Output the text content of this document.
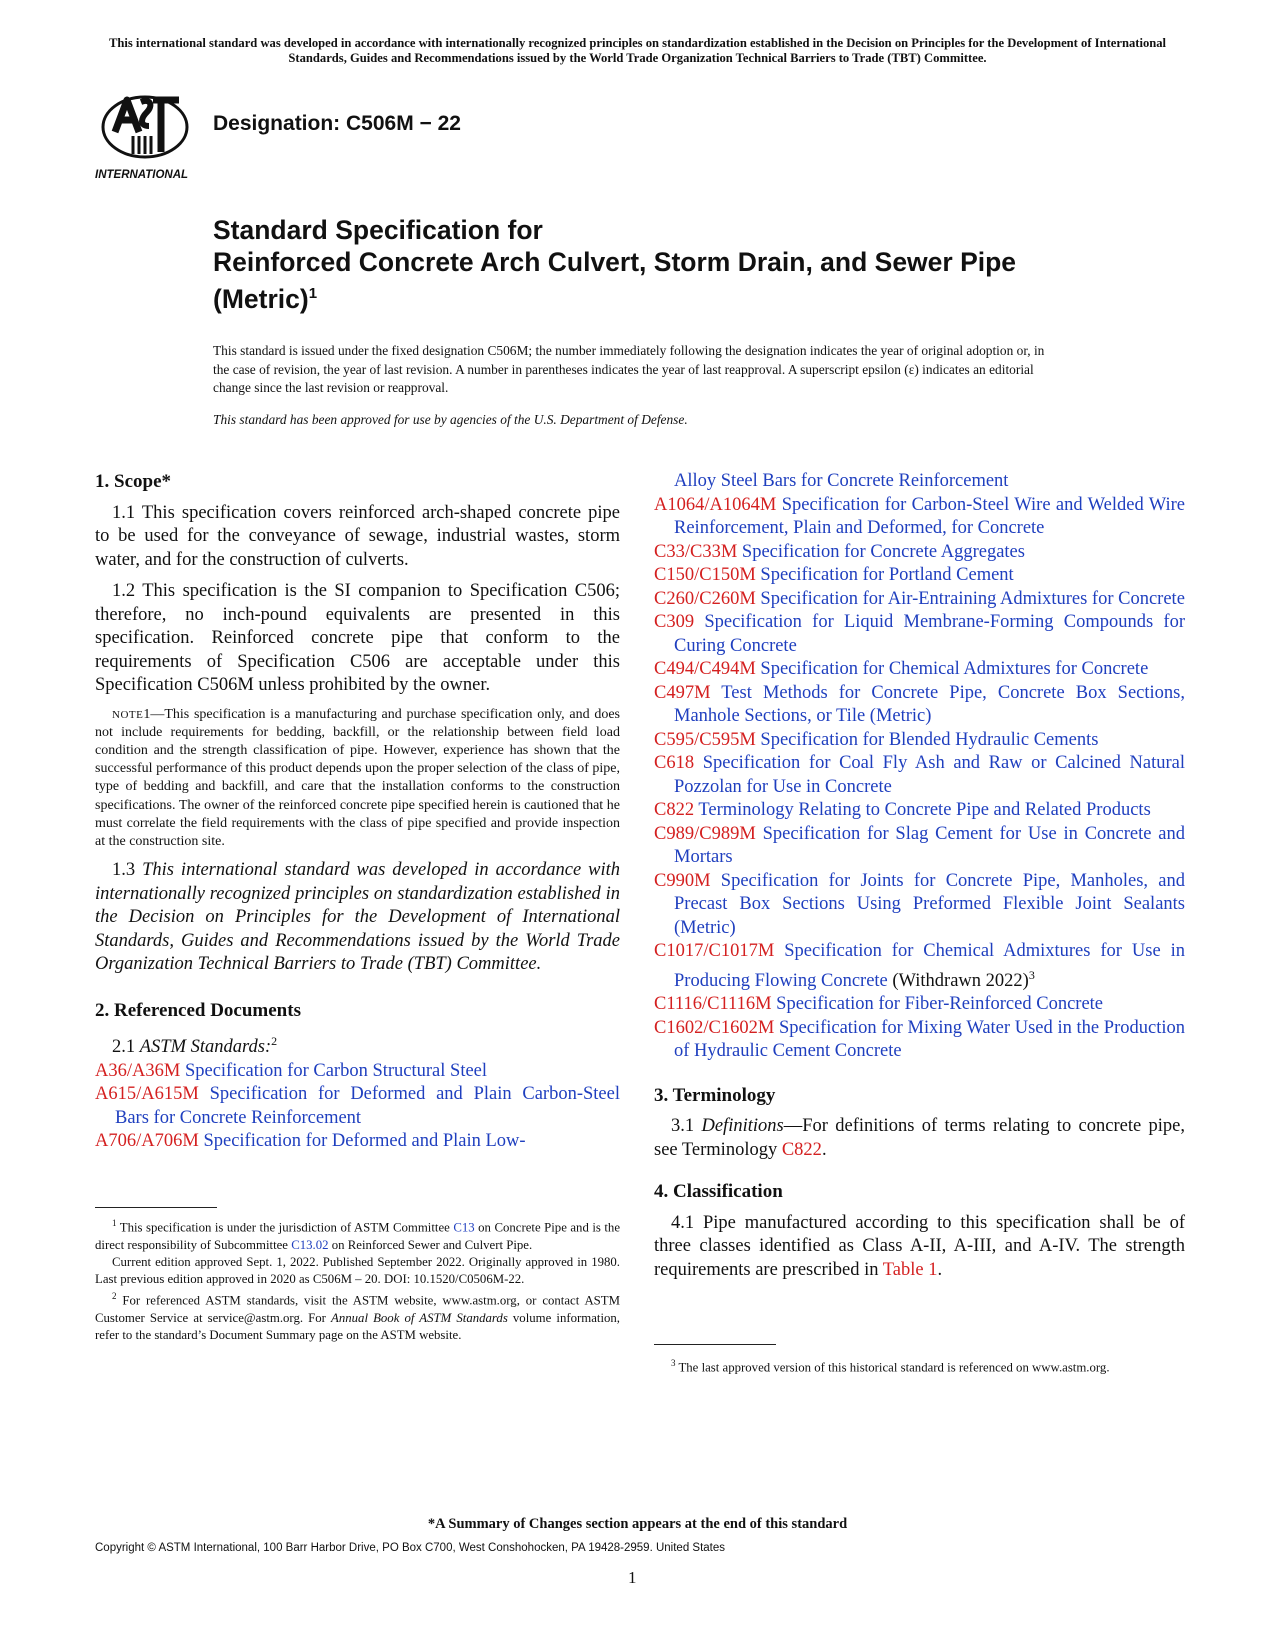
This international standard was developed in accordance with internationally recognized principles on standardization established in the Decision on Principles for the Development of International Standards, Guides and Recommendations issued by the World Trade Organization Technical Barriers to Trade (TBT) Committee.
INTERNATIONAL
Designation: C506M − 22
Standard Specification for
Reinforced Concrete Arch Culvert, Storm Drain, and Sewer Pipe (Metric)$^1$
This standard is issued under the fixed designation C506M; the number immediately following the designation indicates the year of original adoption or, in the case of revision, the year of last revision. A number in parentheses indicates the year of last reapproval. A superscript epsilon (ε) indicates an editorial change since the last revision or reapproval.
This standard has been approved for use by agencies of the U.S. Department of Defense.
1. Scope*

1.1 This specification covers reinforced arch-shaped concrete pipe to be used for the conveyance of sewage, industrial wastes, storm water, and for the construction of culverts.

1.2 This specification is the SI companion to Specification C506; therefore, no inch-pound equivalents are presented in this specification. Reinforced concrete pipe that conform to the requirements of Specification C506 are acceptable under this Specification C506M unless prohibited by the owner.

NOTE1—This specification is a manufacturing and purchase specification only, and does not include requirements for bedding, backfill, or the relationship between field load condition and the strength classification of pipe. However, experience has shown that the successful performance of this product depends upon the proper selection of the class of pipe, type of bedding and backfill, and care that the installation conforms to the construction specifications. The owner of the reinforced concrete pipe specified herein is cautioned that he must correlate the field requirements with the class of pipe specified and provide inspection at the construction site.

1.3 This international standard was developed in accordance with internationally recognized principles on standardization established in the Decision on Principles for the Development of International Standards, Guides and Recommendations issued by the World Trade Organization Technical Barriers to Trade (TBT) Committee.

2. Referenced Documents

2.1 ASTM Standards:$^2$

A36/A36M Specification for Carbon Structural Steel

A615/A615M Specification for Deformed and Plain Carbon-Steel Bars for Concrete Reinforcement

A706/A706M Specification for Deformed and Plain Low-

Alloy Steel Bars for Concrete Reinforcement

A1064/A1064M Specification for Carbon-Steel Wire and Welded Wire Reinforcement, Plain and Deformed, for Concrete

C33/C33M Specification for Concrete Aggregates

C150/C150M Specification for Portland Cement

C260/C260M Specification for Air-Entraining Admixtures for Concrete

C309 Specification for Liquid Membrane-Forming Compounds for Curing Concrete

C494/C494M Specification for Chemical Admixtures for Concrete

C497M Test Methods for Concrete Pipe, Concrete Box Sections, Manhole Sections, or Tile (Metric)

C595/C595M Specification for Blended Hydraulic Cements

C618 Specification for Coal Fly Ash and Raw or Calcined Natural Pozzolan for Use in Concrete

C822 Terminology Relating to Concrete Pipe and Related Products

C989/C989M Specification for Slag Cement for Use in Concrete and Mortars

C990M Specification for Joints for Concrete Pipe, Manholes, and Precast Box Sections Using Preformed Flexible Joint Sealants (Metric)

C1017/C1017M Specification for Chemical Admixtures for Use in Producing Flowing Concrete (Withdrawn 2022)$^3$

C1116/C1116M Specification for Fiber-Reinforced Concrete

C1602/C1602M Specification for Mixing Water Used in the Production of Hydraulic Cement Concrete

3. Terminology

3.1 Definitions—For definitions of terms relating to concrete pipe, see Terminology C822.

4. Classification

4.1 Pipe manufactured according to this specification shall be of three classes identified as Class A-II, A-III, and A-IV. The strength requirements are prescribed in Table 1.

$^1$ This specification is under the jurisdiction of ASTM Committee C13 on Concrete Pipe and is the direct responsibility of Subcommittee C13.02 on Reinforced Sewer and Culvert Pipe.

Current edition approved Sept. 1, 2022. Published September 2022. Originally approved in 1980. Last previous edition approved in 2020 as C506M – 20. DOI: 10.1520/C0506M-22.

$^2$ For referenced ASTM standards, visit the ASTM website, www.astm.org, or contact ASTM Customer Service at service@astm.org. For Annual Book of ASTM Standards volume information, refer to the standard’s Document Summary page on the ASTM website.

$^3$ The last approved version of this historical standard is referenced on www.astm.org.

*A Summary of Changes section appears at the end of this standard
Copyright © ASTM International, 100 Barr Harbor Drive, PO Box C700, West Conshohocken, PA 19428-2959. United States
1
